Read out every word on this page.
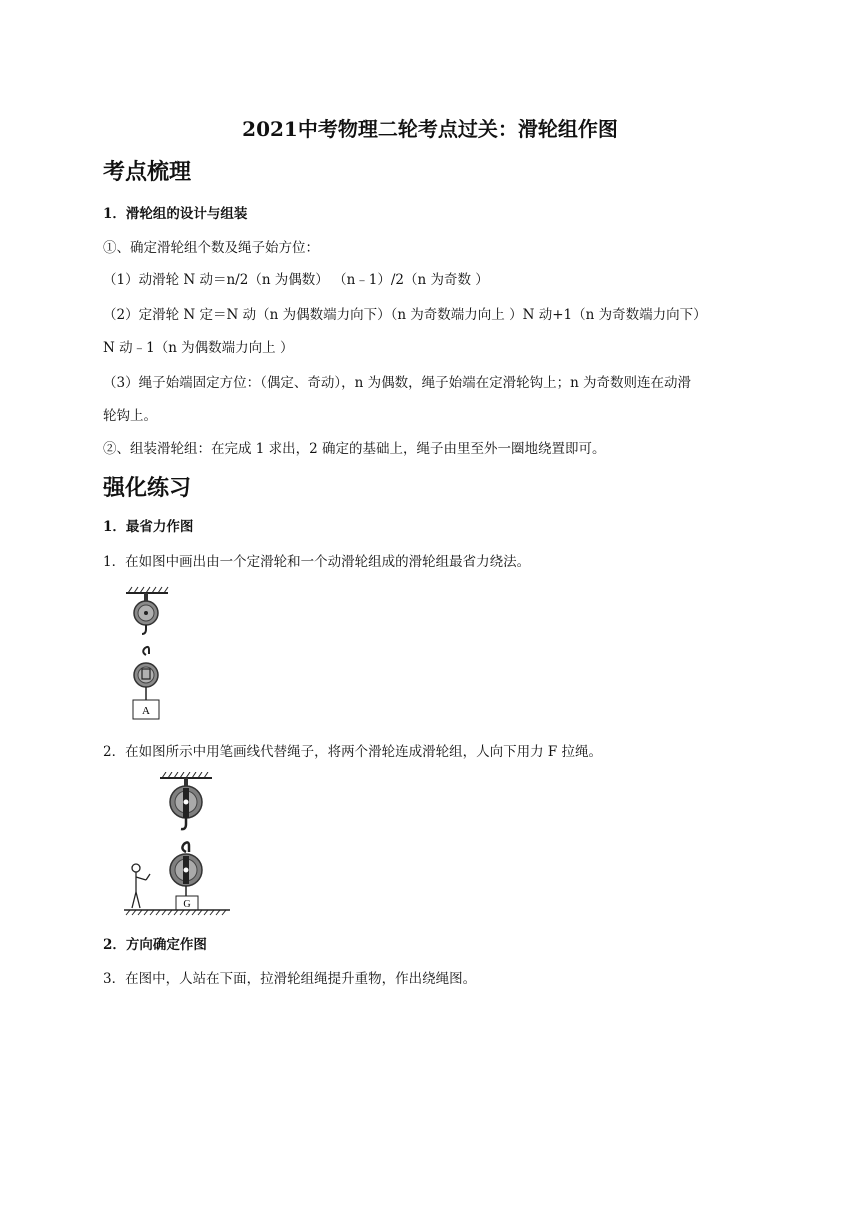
2021中考物理二轮考点过关：滑轮组作图
考点梳理
1．滑轮组的设计与组装
①、确定滑轮组个数及绳子始方位：
（1）动滑轮 N 动＝n/2（n 为偶数） （n﹣1）/2（n 为奇数 ）
（2）定滑轮 N 定＝N 动（n 为偶数端力向下）（n 为奇数端力向上 ）N 动+1（n 为奇数端力向下）
N 动﹣1（n 为偶数端力向上 ）
（3）绳子始端固定方位：（偶定、奇动），n 为偶数，绳子始端在定滑轮钩上；n 为奇数则连在动滑
轮钩上。
②、组装滑轮组：在完成 1 求出，2 确定的基础上，绳子由里至外一圈地绕置即可。
强化练习
1．最省力作图
1．在如图中画出由一个定滑轮和一个动滑轮组成的滑轮组最省力绕法。
A
2．在如图所示中用笔画线代替绳子，将两个滑轮连成滑轮组，人向下用力 F 拉绳。
G
2．方向确定作图
3．在图中，人站在下面，拉滑轮组绳提升重物，作出绕绳图。
